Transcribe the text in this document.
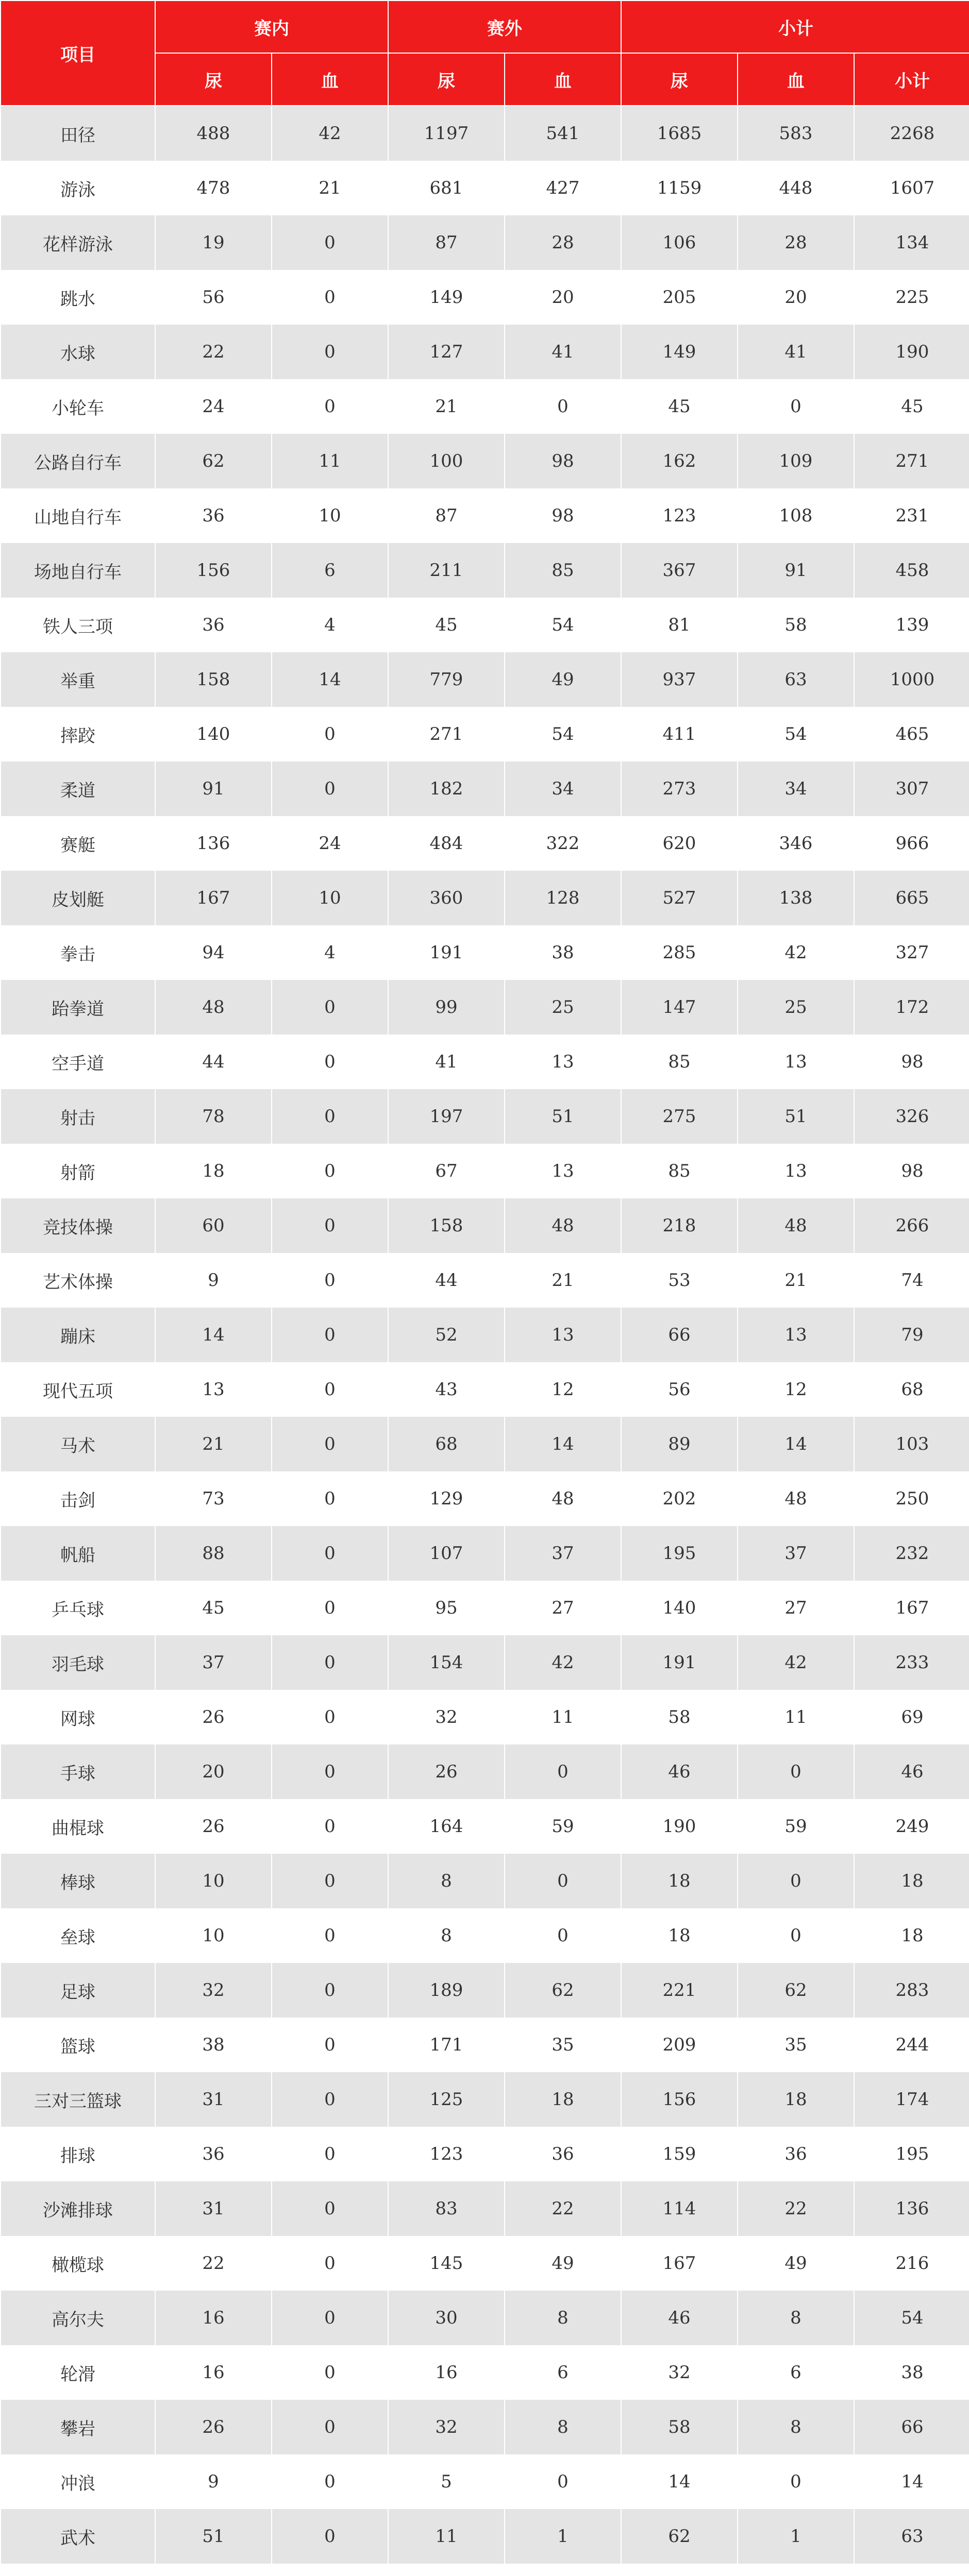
项目	赛内		赛外		小计		
	尿	血	尿	血	尿	血	小计
田径	488	42	1197	541	1685	583	2268
游泳	478	21	681	427	1159	448	1607
花样游泳	19	0	87	28	106	28	134
跳水	56	0	149	20	205	20	225
水球	22	0	127	41	149	41	190
小轮车	24	0	21	0	45	0	45
公路自行车	62	11	100	98	162	109	271
山地自行车	36	10	87	98	123	108	231
场地自行车	156	6	211	85	367	91	458
铁人三项	36	4	45	54	81	58	139
举重	158	14	779	49	937	63	1000
摔跤	140	0	271	54	411	54	465
柔道	91	0	182	34	273	34	307
赛艇	136	24	484	322	620	346	966
皮划艇	167	10	360	128	527	138	665
拳击	94	4	191	38	285	42	327
跆拳道	48	0	99	25	147	25	172
空手道	44	0	41	13	85	13	98
射击	78	0	197	51	275	51	326
射箭	18	0	67	13	85	13	98
竞技体操	60	0	158	48	218	48	266
艺术体操	9	0	44	21	53	21	74
蹦床	14	0	52	13	66	13	79
现代五项	13	0	43	12	56	12	68
马术	21	0	68	14	89	14	103
击剑	73	0	129	48	202	48	250
帆船	88	0	107	37	195	37	232
乒乓球	45	0	95	27	140	27	167
羽毛球	37	0	154	42	191	42	233
网球	26	0	32	11	58	11	69
手球	20	0	26	0	46	0	46
曲棍球	26	0	164	59	190	59	249
棒球	10	0	8	0	18	0	18
垒球	10	0	8	0	18	0	18
足球	32	0	189	62	221	62	283
篮球	38	0	171	35	209	35	244
三对三篮球	31	0	125	18	156	18	174
排球	36	0	123	36	159	36	195
沙滩排球	31	0	83	22	114	22	136
橄榄球	22	0	145	49	167	49	216
高尔夫	16	0	30	8	46	8	54
轮滑	16	0	16	6	32	6	38
攀岩	26	0	32	8	58	8	66
冲浪	9	0	5	0	14	0	14
武术	51	0	11	1	62	1	63
